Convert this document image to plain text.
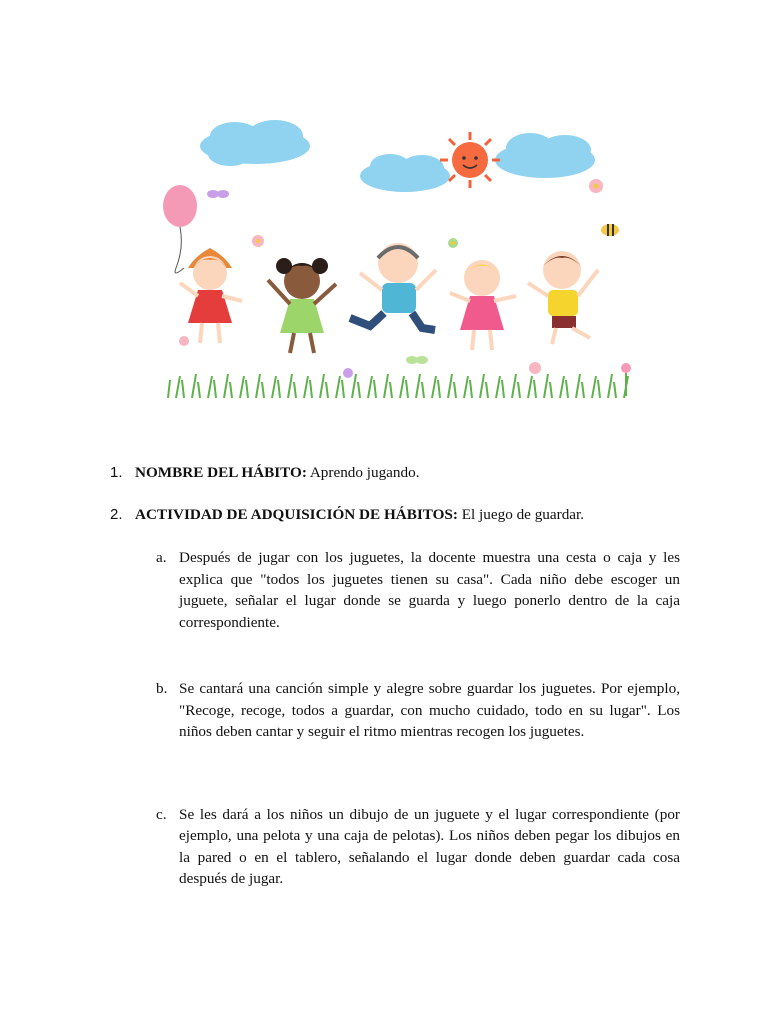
1. NOMBRE DEL HÁBITO: Aprendo jugando.
2. ACTIVIDAD DE ADQUISICIÓN DE HÁBITOS: El juego de guardar.
a. Después de jugar con los juguetes, la docente muestra una cesta o caja y les explica que "todos los juguetes tienen su casa". Cada niño debe escoger un juguete, señalar el lugar donde se guarda y luego ponerlo dentro de la caja correspondiente.
b. Se cantará una canción simple y alegre sobre guardar los juguetes. Por ejemplo, "Recoge, recoge, todos a guardar, con mucho cuidado, todo en su lugar". Los niños deben cantar y seguir el ritmo mientras recogen los juguetes.
c. Se les dará a los niños un dibujo de un juguete y el lugar correspondiente (por ejemplo, una pelota y una caja de pelotas). Los niños deben pegar los dibujos en la pared o en el tablero, señalando el lugar donde deben guardar cada cosa después de jugar.
